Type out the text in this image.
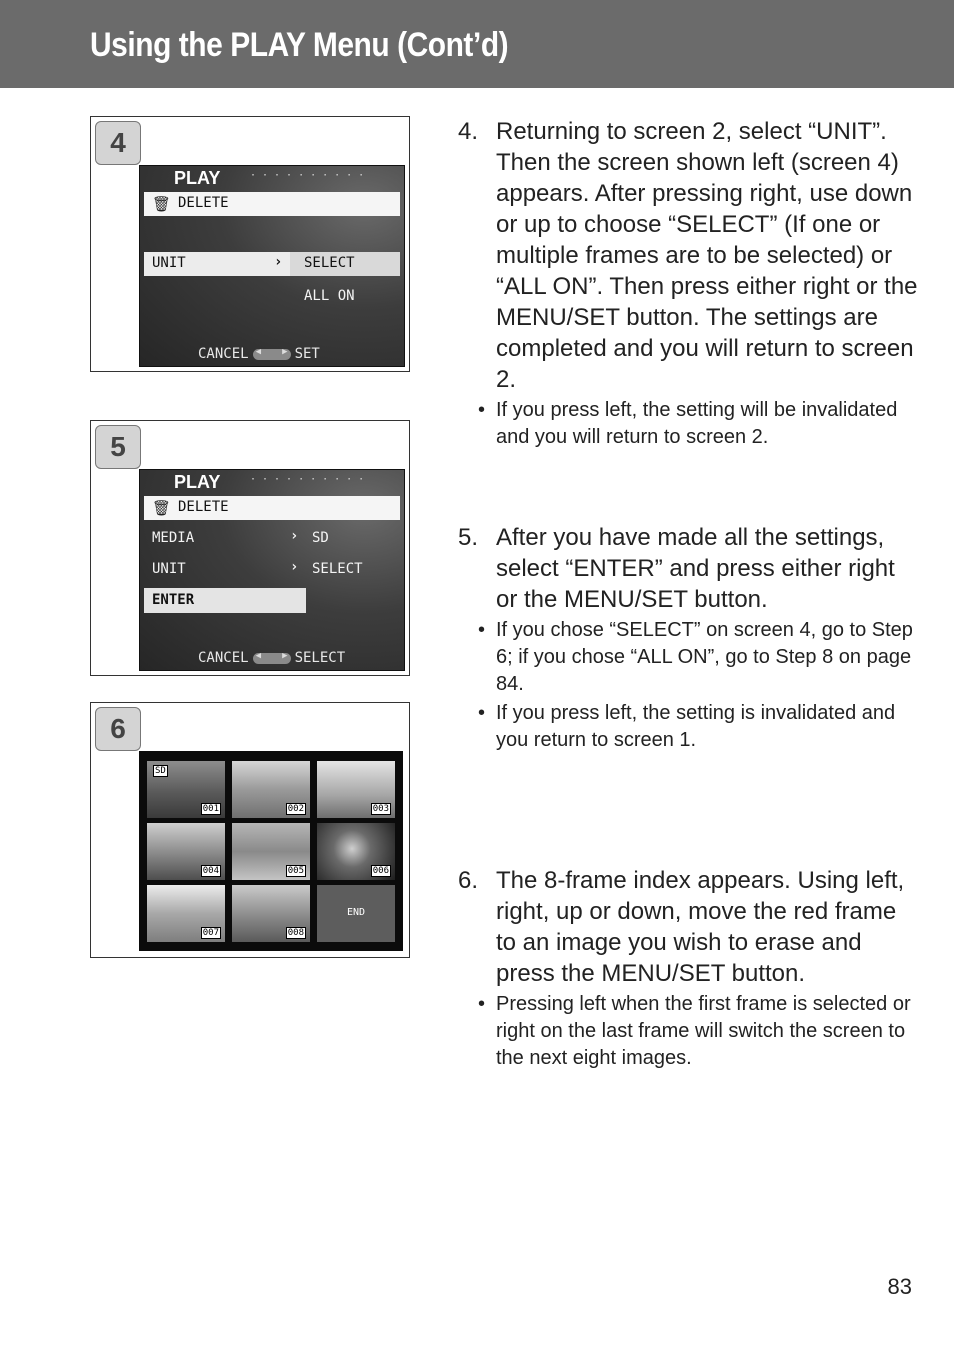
Using the PLAY Menu (Cont’d)
4
PLAY	··········
🗑 DELETE
UNIT	› SELECT
ALL ON
CANCEL ◀ ▶	SET
5
PLAY	··········
🗑 DELETE
MEDIA	› SD
UNIT	› SELECT
ENTER
CANCEL ◀ ▶	SELECT
6
SD
001	002	003
004	005	006
007	008
END
4. Returning to screen 2, select “UNIT”. Then the screen shown left (screen 4) appears. After pressing right, use down or up to choose “SELECT” (If one or multiple frames are to be selected) or “ALL ON”. Then press either right or the MENU/SET button. The settings are completed and you will return to screen 2.
• If you press left, the setting will be invalidated and you will return to screen 2.
5. After you have made all the settings, select “ENTER” and press either right or the MENU/SET button.
• If you chose “SELECT” on screen 4, go to Step 6; if you chose “ALL ON”, go to Step 8 on page 84.
• If you press left, the setting is invalidated and you return to screen 1.
6. The 8-frame index appears. Using left, right, up or down, move the red frame to an image you wish to erase and press the MENU/SET button.
• Pressing left when the first frame is selected or right on the last frame will switch the screen to the next eight images.
83
